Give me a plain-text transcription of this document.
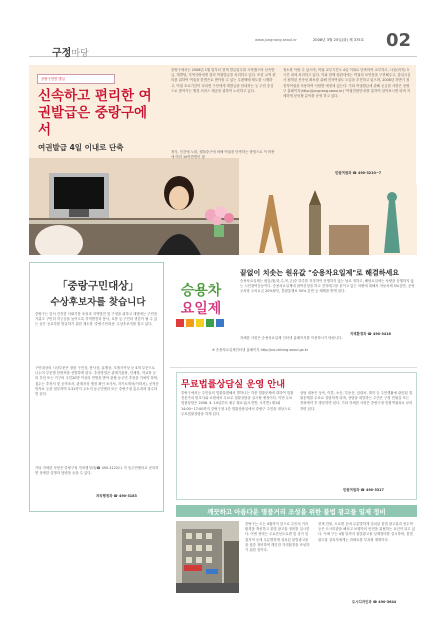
구정마당
www.jungnang.seoul.kr	2008년 3월 25일(화) 제 375호 02
중랑구민만 발급
신속하고 편리한 여권발급은 중랑구에서
여권발급 4일 이내로 단축
중랑구에서는 2008년 1월 말부터 현재 발급업무를 시작했으며 신속발급, 계발담, 지역사람에게 접의 여권발급을 처리하고 있다. 또한 교역 편의를 위하여 여권을 한밤은로 받아볼 수 있는 우편택배 제도를 시행하고, 여권 포로기간이 다되면 구민에게 재발급을 안내하는 등 주민 중심으로 찾아가는 행정 서비스 제공을 위하여 노력하고 있다.
정식, 인간에 노를, 행복중구에 비해 여권을 단축하는 방법으로 이 비싼에 여러 10여만명이 평
정소를 이랑 수 있으며, 여권 교부기간도 4일 이내로 단축하여 교부하고, 사증(비자) 3시간 내에 처리하고 있다. 이와 함께 평관내에는 여권의 보안성을 구현해주고, 출입국심사 평학된 신속성 확보를 위해 전자여권도 도입을 추진하고 있으며, 2008년 하반기 첫 전자여권을 사용하여 사람발 예정에 있는다. 기타 여권발급에 관해 궁금한 사항은 중랑구 홈페이지(http://jungnang.seoul.kr) '여권민원안내'를 통하여 알아보시면 되며 자세하게 문의할 분야를 운영 하고 있다.
민원여권과 ☎ 490-3210~7
「중랑구민대상」
수상후보자를 찾습니다
중랑구는 앞서 건전한 사회기풍 조성과 지역발전 및 구정을 위하고 대범에는 구민을 기위고 구민의 자긍심을 높이도록 지역발전과 봉사, 호봉 등 구민의 귀감이 될 수 있는 숨은 공로자를 발굴하기 위한 제도를 '중랑구민대상' 수상후보자를 찾고 있다.
구민대상의 시상부문은 장한 구민상, 봉사상, 효행상, 모범가족상 등 4개 부문으로 나누어 부문별 한명씩을 선발하게 된다. 추천방법은 관계기관장, 단체장, 학교장 등의 추천 또는 가구의 주민20명 이상의 연명을 받아 관할 동주민 추천을 거쳐야 하며, 접수는 추천서 및 공적조서, 관계서상 행정 확인 조사서, 자기소개서(이력서), 공적증빙자료 등을 첨부하여 3.31까지 주소지 동주민센터 또는 중랑구청 총무과에 접수하면 된다.
기타 자세한 사항은 중랑구청 자치행정과(☎ 490-3122)나 각 동주민센터로 문의하면 상세한 설명과 답변을 들을 수 있다.
자치행정과 ☎ 490-3183
승용차
요일제
끝없이 치솟는 원유값 "승용차요일제"로 해결하세요
승용차요일제는 평일(월,화,수,목,금)중 하루를 지정하여 운행하지 않는 날로 정하고, 해당요일에는 차량을 운행하지 않는 시민참여운동이다. 승용차요일제에 참여신청을 하고 전자태그를 붙이고 있는 차량에 대해서 자동차세 5%감면, 공영주차장 주차요금 20%할인, 혼잡통행료 50% 감면 등 혜택을 받게 된다.
자세한 사항은 승용차요일제 인터넷 홈페이지를 이용하시기 바랍니다.
지역환경과 ☎ 490-3416
※ 승용차요일제인터넷 홈페이지 http://no-driving.seoul.go.kr
무료법률상담실 운영 안내
중랑구에서는 주민들의 법률불편해서 발하나는 각종 법률문제에 대하여 법률전문가의 변호사와 로펌에서 무료로 법률상담을 실시할 예정이다. 이번 무료법률상담은 2008. 4. 14일부터 매주 월요일(오전반, 오후반) 제1회 14:00~17:00까지 중랑구청 1층 법률상담실에서 중랑구 주민을 대상으로 무료법률상담을 하게 된다.
상담 내용은 상속, 이혼, 소송, 부동산, 임대차, 계약 등 주민생활에 관련된 법률문제를 무료로 상담하게 되며, 상담을 희망하는 주민은 구청 민원실 또는 전화예약 후 방문하면 된다. 기타 자세한 사항은 중랑구청 민원여권과로 문의하면 된다.
민원여권과 ☎ 490-3317
깨끗하고 아름다운 명품거리 조성을 위한 불법 광고물 일제 정비
중랑구는 오는 4월까지 앞으로 주민의 거리환경을 개선하고 불법 광고물 정비를 실시한다. 이번 정비는 주요간선도로변 및 상가 밀집지역 등에 무분별하게 설치된 불법광고물을 집중 정비하여 깨끗한 거리환경을 조성하기 위한 것이다.
현재 건물, 도로변 등에 무분별하게 설치된 불법 광고물과 현수막 등은 도시미관을 해치고 보행자의 안전을 위협하는 요인이 되고 있다. 이에 구는 4월 말까지 불법광고물 일제정비를 실시하며, 불법 광고물 설치자에게는 과태료를 부과할 계획이다.
도시디자인과 ☎ 490-3644
